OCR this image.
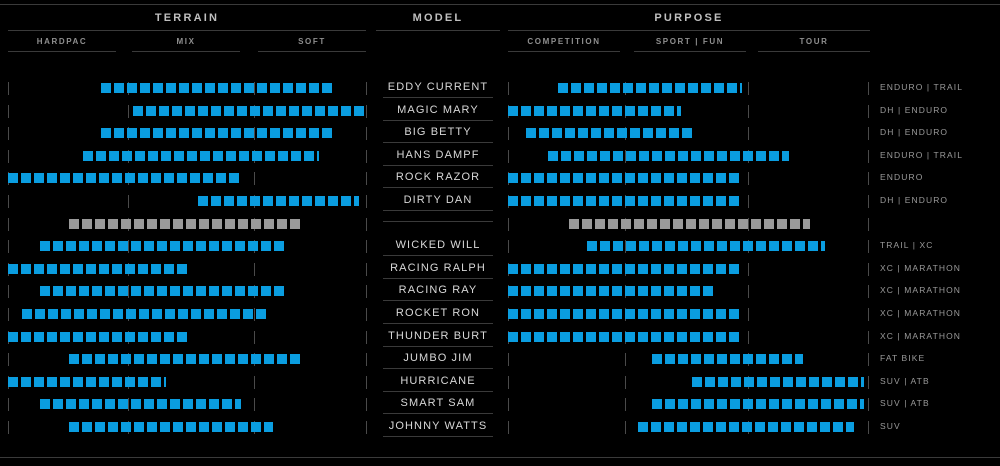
TERRAIN	MODEL	PURPOSE
HARDPAC	MIX	SOFT	COMPETITION	SPORT | FUN	TOUR
EDDY CURRENT	ENDURO | TRAIL
MAGIC MARY	DH | ENDURO
BIG BETTY	DH | ENDURO
HANS DAMPF	ENDURO | TRAIL
ROCK RAZOR	ENDURO
DIRTY DAN	DH | ENDURO
WICKED WILL	TRAIL | XC
RACING RALPH	XC | MARATHON
RACING RAY	XC | MARATHON
ROCKET RON	XC | MARATHON
THUNDER BURT	XC | MARATHON
JUMBO JIM	FAT BIKE
HURRICANE	SUV | ATB
SMART SAM	SUV | ATB
JOHNNY WATTS	SUV
